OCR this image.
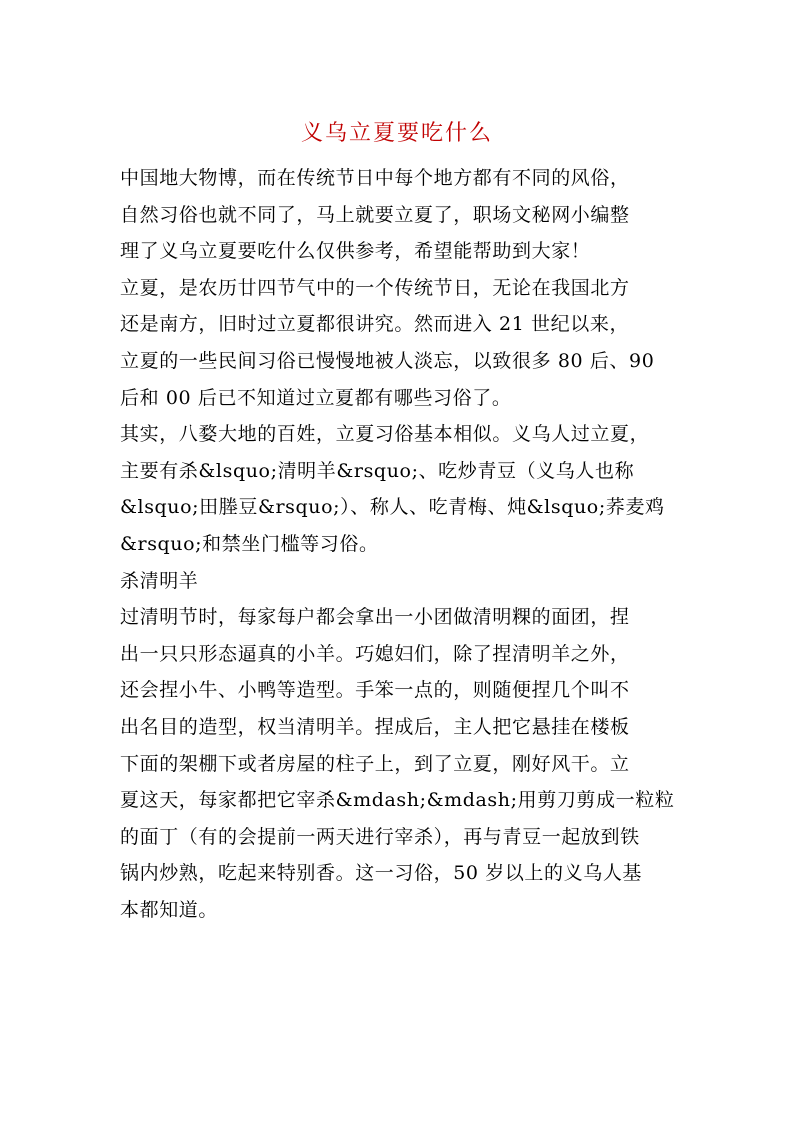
义乌立夏要吃什么
中国地大物博，而在传统节日中每个地方都有不同的风俗，
自然习俗也就不同了，马上就要立夏了，职场文秘网小编整
理了义乌立夏要吃什么仅供参考，希望能帮助到大家！
立夏，是农历廿四节气中的一个传统节日，无论在我国北方
还是南方，旧时过立夏都很讲究。然而进入 21 世纪以来，
立夏的一些民间习俗已慢慢地被人淡忘，以致很多 80 后、90
后和 00 后已不知道过立夏都有哪些习俗了。
其实，八婺大地的百姓，立夏习俗基本相似。义乌人过立夏，
主要有杀&lsquo;清明羊&rsquo;、吃炒青豆（义乌人也称
&lsquo;田塍豆&rsquo;）、称人、吃青梅、炖&lsquo;荞麦鸡
&rsquo;和禁坐门槛等习俗。
杀清明羊
过清明节时，每家每户都会拿出一小团做清明粿的面团，捏
出一只只形态逼真的小羊。巧媳妇们，除了捏清明羊之外，
还会捏小牛、小鸭等造型。手笨一点的，则随便捏几个叫不
出名目的造型，权当清明羊。捏成后，主人把它悬挂在楼板
下面的架棚下或者房屋的柱子上，到了立夏，刚好风干。立
夏这天，每家都把它宰杀&mdash;&mdash;用剪刀剪成一粒粒
的面丁（有的会提前一两天进行宰杀），再与青豆一起放到铁
锅内炒熟，吃起来特别香。这一习俗，50 岁以上的义乌人基
本都知道。
